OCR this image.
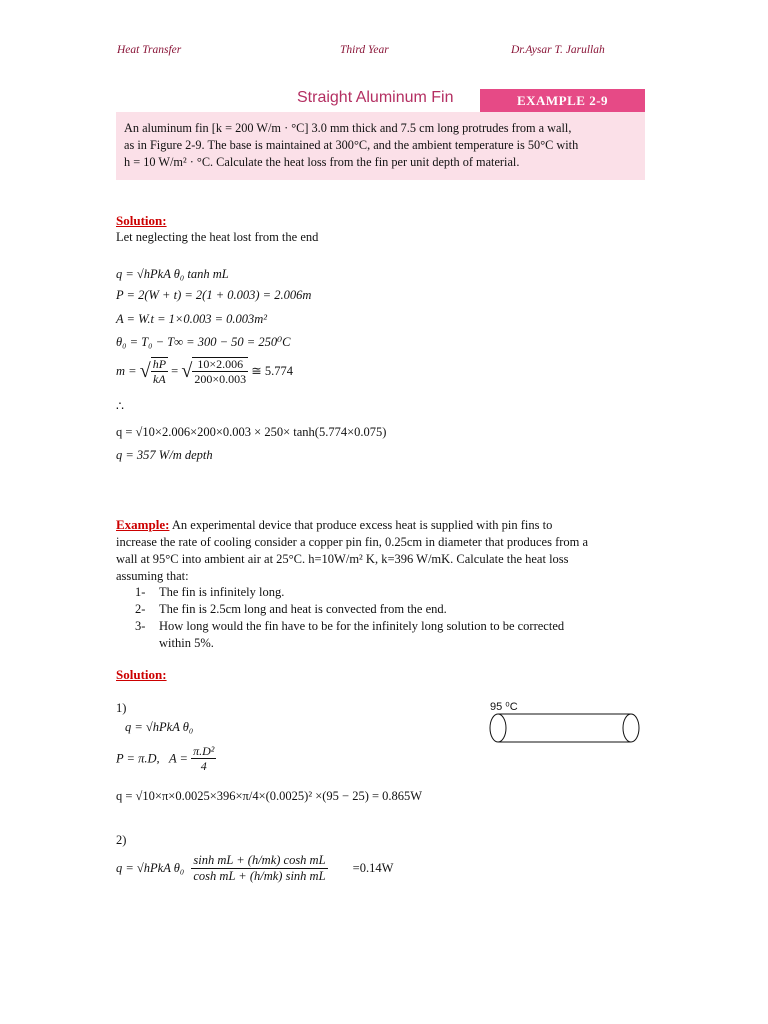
Heat Transfer	Third Year	Dr.Aysar T. Jarullah
Straight Aluminum Fin	EXAMPLE 2-9
An aluminum fin [k = 200 W/m · °C] 3.0 mm thick and 7.5 cm long protrudes from a wall,
as in Figure 2-9. The base is maintained at 300°C, and the ambient temperature is 50°C with
h = 10 W/m² · °C. Calculate the heat loss from the fin per unit depth of material.
Solution:
Let neglecting the heat lost from the end
q = √hPkA θ₀ tanh mL
P = 2(W + t) = 2(1 + 0.003) = 2.006m
A = W.t = 1×0.003 = 0.003m²
θ₀ = T₀ − T∞ = 300 − 50 = 250⁰C
m = √ $\frac{hP}{kA}$ = √ $\frac{10\times 2.006}{200\times 0.003}$ ≅ 5.774
∴
q = √10×2.006×200×0.003 × 250× tanh(5.774×0.075)
q = 357 W/m depth
Example: An experimental device that produce excess heat is supplied with pin fins to
increase the rate of cooling consider a copper pin fin, 0.25cm in diameter that produces from a
wall at 95°C into ambient air at 25°C. h=10W/m² K, k=396 W/mK. Calculate the heat loss
assuming that:
1- The fin is infinitely long.
2- The fin is 2.5cm long and heat is convected from the end.
3- How long would the fin have to be for the infinitely long solution to be corrected
within 5%.
Solution:
1)
q = √hPkA θ₀
P = π.D, $A = \frac{\text{π.D²}}{4}$
q = √10×π×0.0025×396×π/4×(0.0025)² ×(95 − 25) = 0.865W
95 ⁰C
2)
q = √hPkA $\theta_0 \frac{\text{sinh mL + (h/mk) cosh mL}}{\text{cosh mL + (h/mk) sinh mL}} =0.14W$
